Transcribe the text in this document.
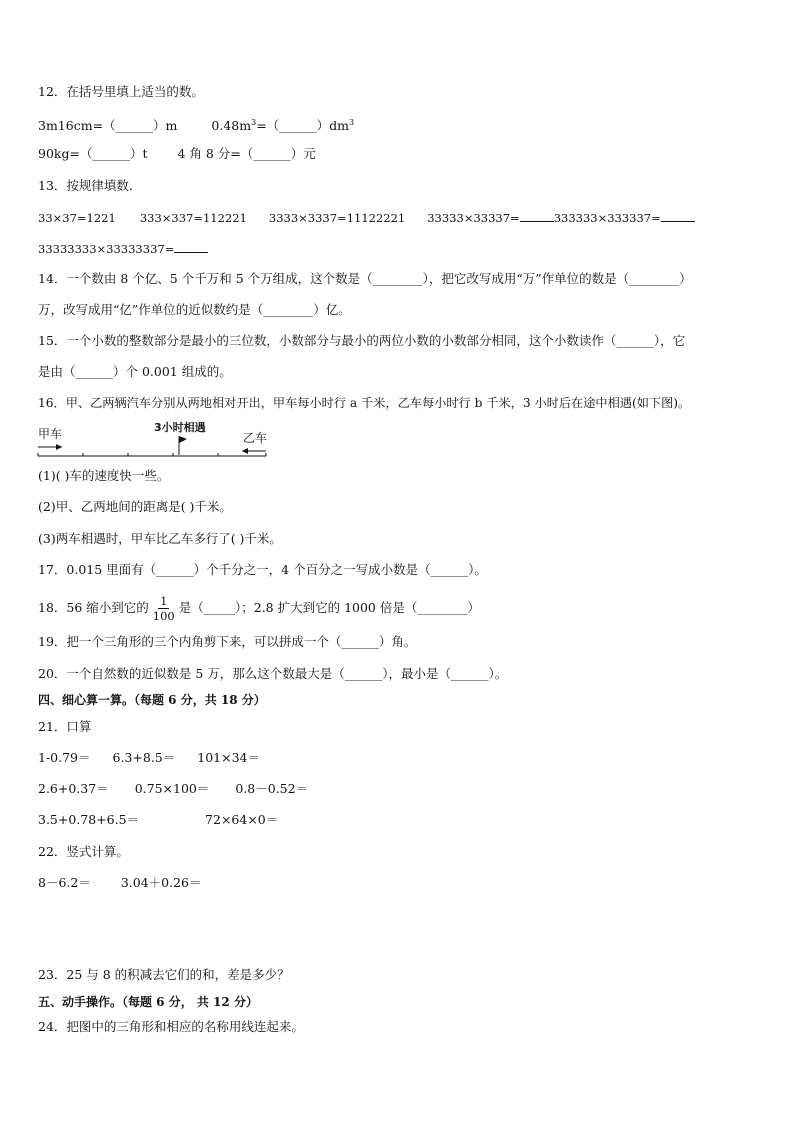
12．在括号里填上适当的数。
3m16cm=（______）m	$0.48m^3=(\_\_\_\_\_\_)dm^3$
90kg=（______）t 4 角 8 分=（______）元
13．按规律填数．
33×37=1221 333×337=112221 3333×3337=11122221 33333×33337=	333333×333337=
33333333×33333337=
14．一个数由 8 个亿、5 个千万和 5 个万组成，这个数是（________），把它改写成用“万”作单位的数是（________）
万，改写成用“亿”作单位的近似数约是（________）亿。
15．一个小数的整数部分是最小的三位数，小数部分与最小的两位小数的小数部分相同，这个小数读作（______），它
是由（______）个 0.001 组成的。
16．甲、乙两辆汽车分别从两地相对开出，甲车每小时行 a 千米，乙车每小时行 b 千米，3 小时后在途中相遇(如下图)。
甲车	3小时相遇
乙车
(1)( )车的速度快一些。
(2)甲、乙两地间的距离是( )千米。
(3)两车相遇时，甲车比乙车多行了( )千米。
17．0.015 里面有（______）个千分之一，4 个百分之一写成小数是（______）。
18．56 缩小到它的 $\frac{1}{100}$ 是（_____）；2.8 扩大到它的 1000 倍是（________）
19．把一个三角形的三个内角剪下来，可以拼成一个（______）角。
20．一个自然数的近似数是 5 万，那么这个数最大是（______），最小是（______）。
四、细心算一算。（每题 6 分，共 18 分）
21．口算
1-0.79＝ 6.3+8.5＝ 101×34＝
2.6+0.37＝ 0.75×100＝ 0.8－0.52＝
3.5+0.78+6.5＝	72×64×0＝
22．竖式计算。
8－6.2＝ 3.04＋0.26＝
23．25 与 8 的积减去它们的和，差是多少？
五、动手操作。（每题 6 分， 共 12 分）
24．把图中的三角形和相应的名称用线连起来。
